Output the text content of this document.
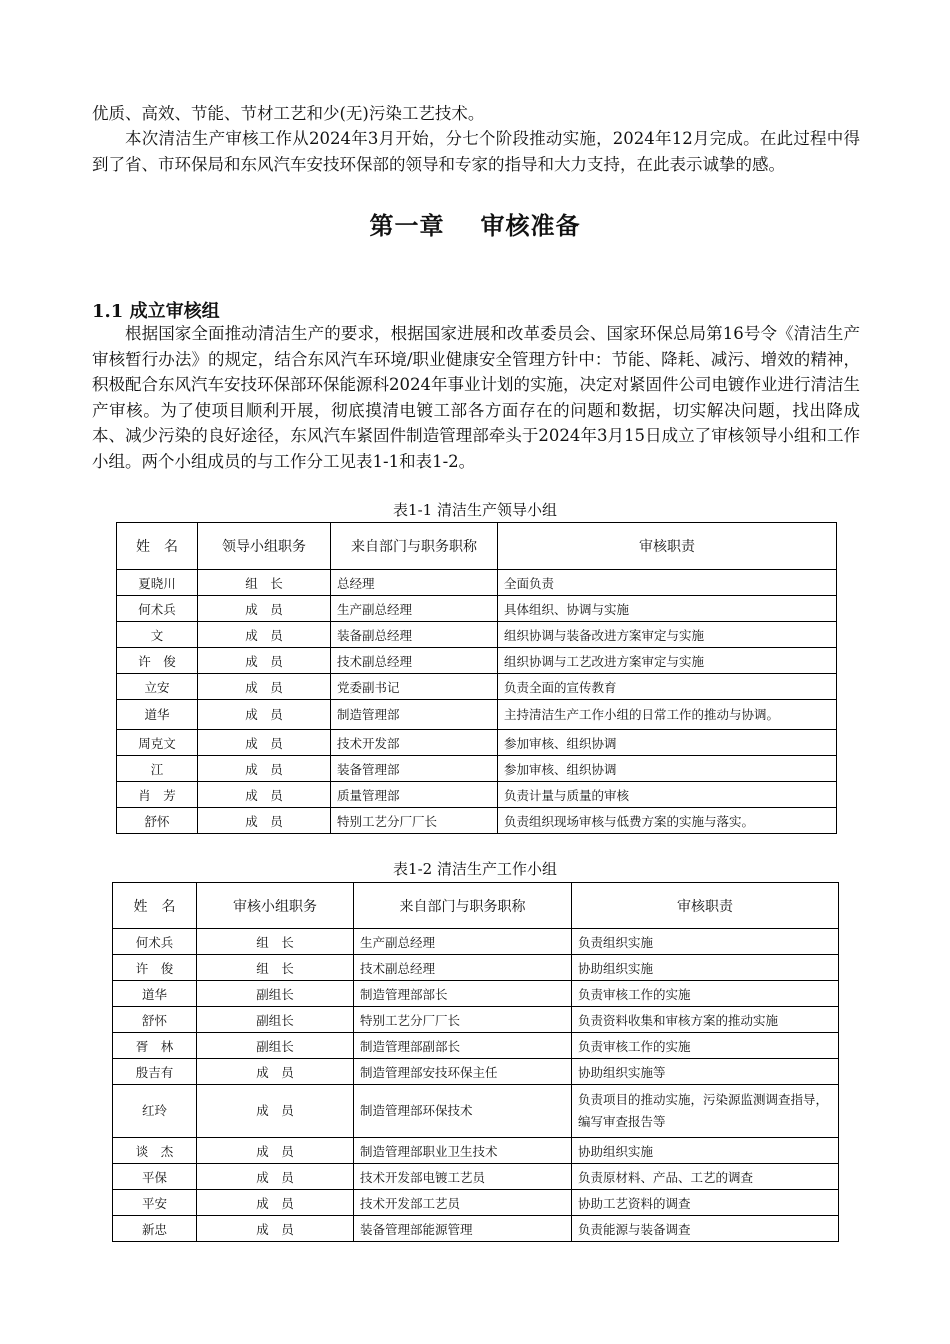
优质、高效、节能、节材工艺和少(无)污染工艺技术。

本次清洁生产审核工作从2024年3月开始，分七个阶段推动实施，2024年12月完成。在此过程中得到了省、市环保局和东风汽车安技环保部的领导和专家的指导和大力支持，在此表示诚挚的感。

第一章 审核准备
1.1 成立审核组

根据国家全面推动清洁生产的要求，根据国家进展和改革委员会、国家环保总局第16号令《清洁生产审核暂行办法》的规定，结合东风汽车环境/职业健康安全管理方针中：节能、降耗、减污、增效的精神，积极配合东风汽车安技环保部环保能源科2024年事业计划的实施，决定对紧固件公司电镀作业进行清洁生产审核。为了使项目顺利开展，彻底摸清电镀工部各方面存在的问题和数据，切实解决问题，找出降成本、减少污染的良好途径，东风汽车紧固件制造管理部牵头于2024年3月15日成立了审核领导小组和工作小组。两个小组成员的与工作分工见表1-1和表1-2。

表1-1 清洁生产领导小组
姓　名	领导小组职务	来自部门与职务职称	审核职责
夏晓川	组　长	总经理	全面负责
何术兵	成　员	生产副总经理	具体组织、协调与实施
文	成　员	装备副总经理	组织协调与装备改进方案审定与实施
许　俊	成　员	技术副总经理	组织协调与工艺改进方案审定与实施
立安	成　员	党委副书记	负责全面的宣传教育
道华	成　员	制造管理部	主持清洁生产工作小组的日常工作的推动与协调。
周克文	成　员	技术开发部	参加审核、组织协调
江	成　员	装备管理部	参加审核、组织协调
肖　芳	成　员	质量管理部	负责计量与质量的审核
舒怀	成　员	特别工艺分厂厂长	负责组织现场审核与低费方案的实施与落实。
表1-2 清洁生产工作小组
姓　名	审核小组职务	来自部门与职务职称	审核职责
何术兵	组　长	生产副总经理	负责组织实施
许　俊	组　长	技术副总经理	协助组织实施
道华	副组长	制造管理部部长	负责审核工作的实施
舒怀	副组长	特别工艺分厂厂长	负责资料收集和审核方案的推动实施
胥　林	副组长	制造管理部副部长	负责审核工作的实施
殷吉有	成　员	制造管理部安技环保主任	协助组织实施等
红玲	成　员	制造管理部环保技术	负责项目的推动实施，污染源监测调查指导，编写审查报告等
谈　杰	成　员	制造管理部职业卫生技术	协助组织实施
平保	成　员	技术开发部电镀工艺员	负责原材料、产品、工艺的调查
平安	成　员	技术开发部工艺员	协助工艺资料的调查
新忠	成　员	装备管理部能源管理	负责能源与装备调查
